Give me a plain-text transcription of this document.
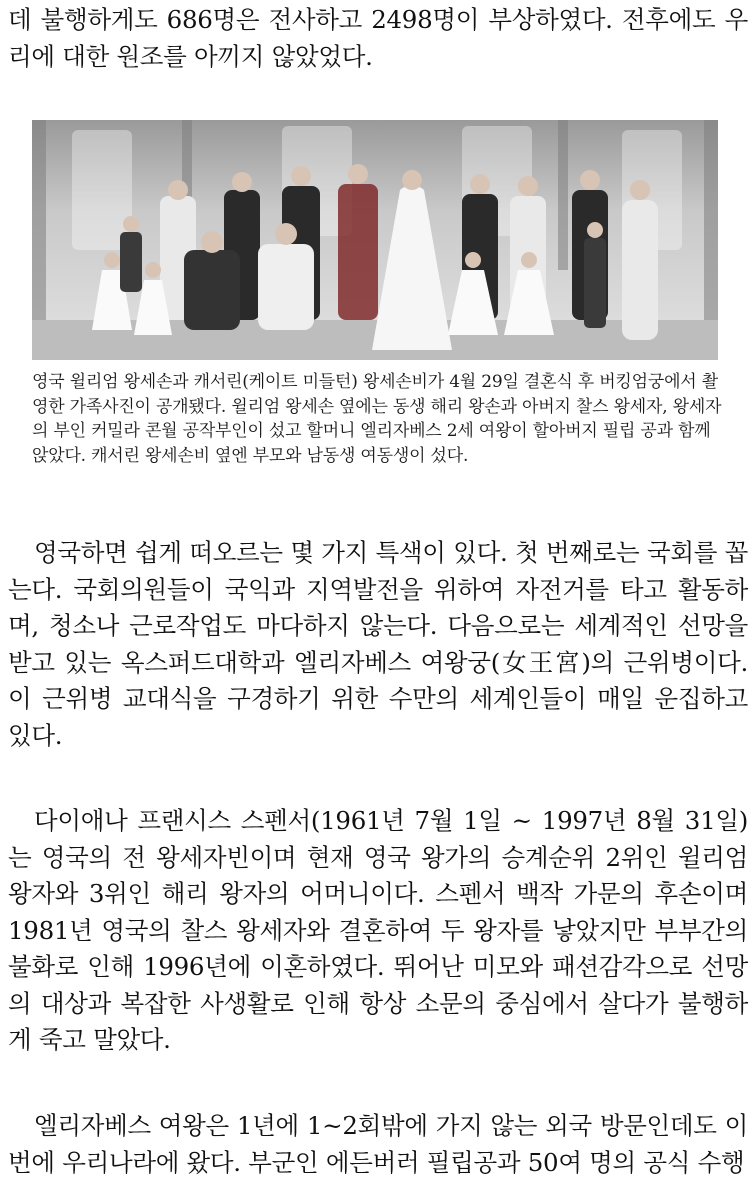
데 불행하게도 686명은 전사하고 2498명이 부상하였다. 전후에도 우리에 대한 원조를 아끼지 않았었다.

영국 윌리엄 왕세손과 캐서린(케이트 미들턴) 왕세손비가 4월 29일 결혼식 후 버킹엄궁에서 촬영한 가족사진이 공개됐다. 윌리엄 왕세손 옆에는 동생 해리 왕손과 아버지 찰스 왕세자, 왕세자의 부인 커밀라 콘월 공작부인이 섰고 할머니 엘리자베스 2세 여왕이 할아버지 필립 공과 함께 앉았다. 캐서린 왕세손비 옆엔 부모와 남동생 여동생이 섰다.

영국하면 쉽게 떠오르는 몇 가지 특색이 있다. 첫 번째로는 국회를 꼽는다. 국회의원들이 국익과 지역발전을 위하여 자전거를 타고 활동하며, 청소나 근로작업도 마다하지 않는다. 다음으로는 세계적인 선망을 받고 있는 옥스퍼드대학과 엘리자베스 여왕궁(女王宮)의 근위병이다. 이 근위병 교대식을 구경하기 위한 수만의 세계인들이 매일 운집하고 있다.

다이애나 프랜시스 스펜서(1961년 7월 1일 ~ 1997년 8월 31일)는 영국의 전 왕세자빈이며 현재 영국 왕가의 승계순위 2위인 윌리엄 왕자와 3위인 해리 왕자의 어머니이다. 스펜서 백작 가문의 후손이며 1981년 영국의 찰스 왕세자와 결혼하여 두 왕자를 낳았지만 부부간의 불화로 인해 1996년에 이혼하였다. 뛰어난 미모와 패션감각으로 선망의 대상과 복잡한 사생활로 인해 항상 소문의 중심에서 살다가 불행하게 죽고 말았다.

엘리자베스 여왕은 1년에 1~2회밖에 가지 않는 외국 방문인데도 이번에 우리나라에 왔다. 부군인 에든버러 필립공과 50여 명의 공식 수행
